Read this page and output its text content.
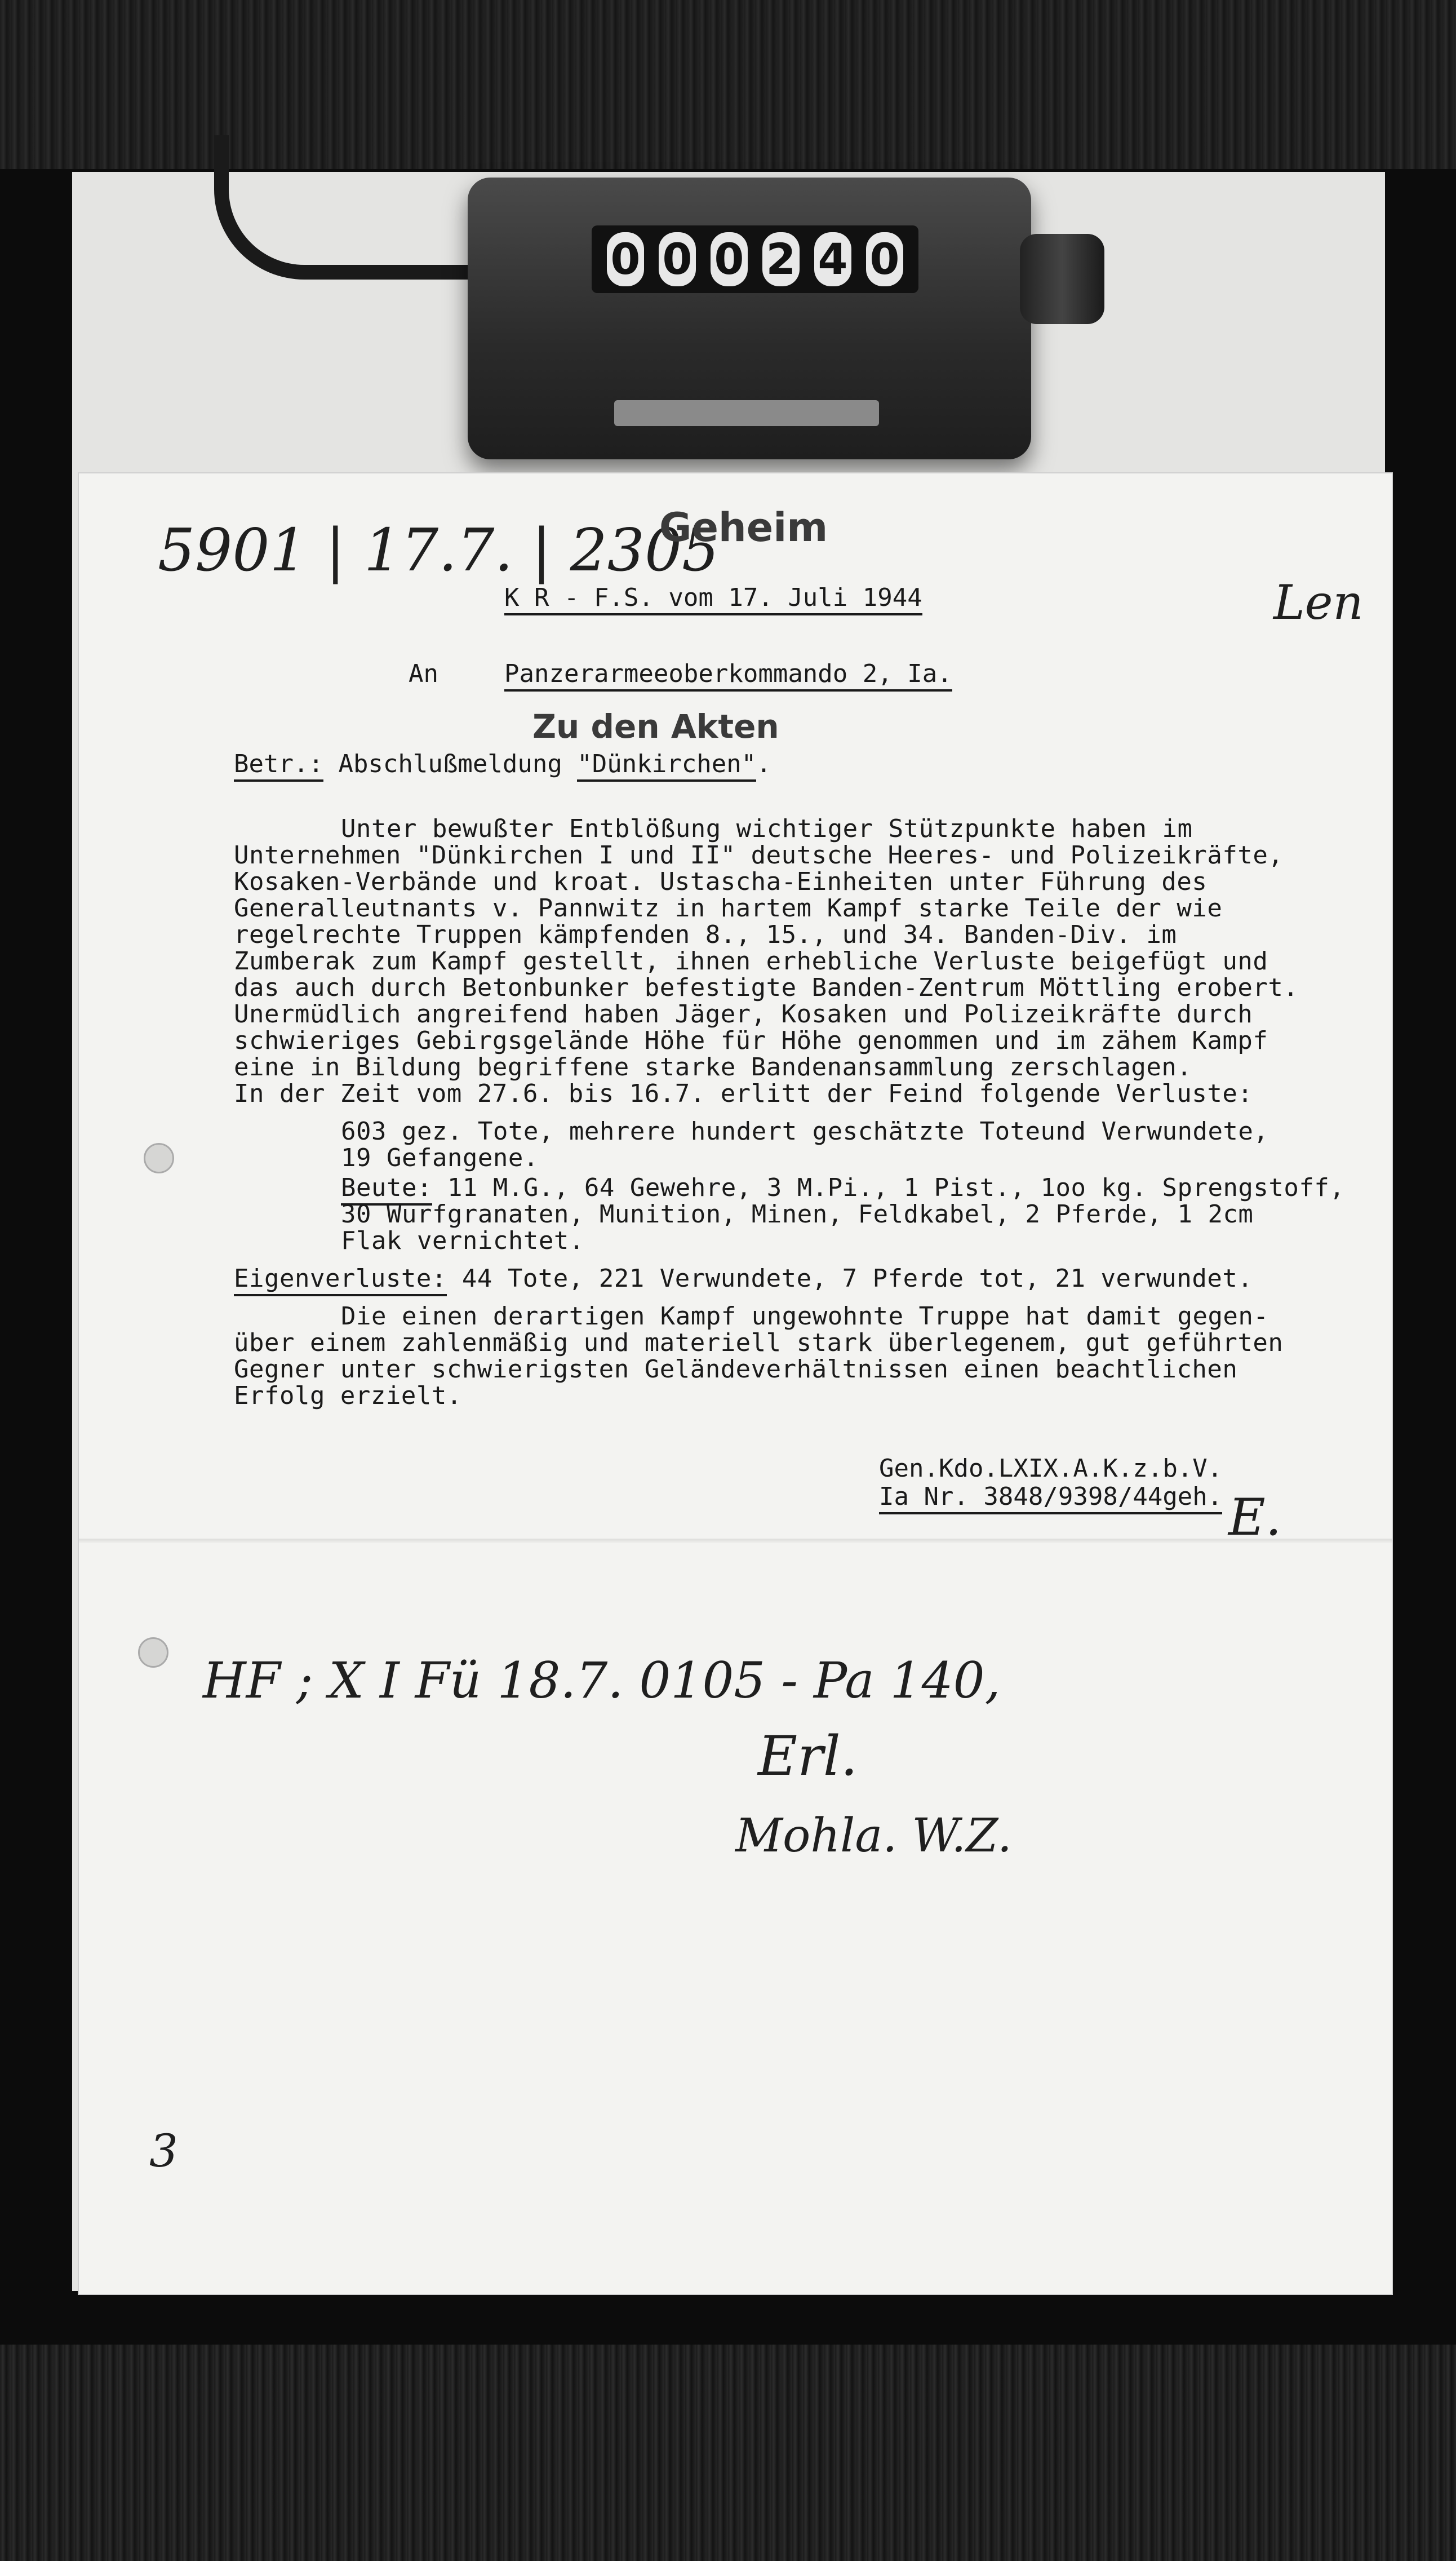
0 0 0 2 4 0
5901 | 17.7. | 2305
Geheim
K R - F.S. vom 17. Juli 1944	Len
An	Panzerarmeeoberkommando 2, Ia.
Zu den Akten
Betr.: Abschlußmeldung "Dünkirchen".
Unter bewußter Entblößung wichtiger Stützpunkte haben im
Unternehmen "Dünkirchen I und II" deutsche Heeres- und Polizeikräfte,
Kosaken-Verbände und kroat. Ustascha-Einheiten unter Führung des
Generalleutnants v. Pannwitz in hartem Kampf starke Teile der wie
regelrechte Truppen kämpfenden 8., 15., und 34. Banden-Div. im
Zumberak zum Kampf gestellt, ihnen erhebliche Verluste beigefügt und
das auch durch Betonbunker befestigte Banden-Zentrum Möttling erobert.
Unermüdlich angreifend haben Jäger, Kosaken und Polizeikräfte durch
schwieriges Gebirgsgelände Höhe für Höhe genommen und im zähem Kampf
eine in Bildung begriffene starke Bandenansammlung zerschlagen.
In der Zeit vom 27.6. bis 16.7. erlitt der Feind folgende Verluste:
603 gez. Tote, mehrere hundert geschätzte Toteund Verwundete,
19 Gefangene.
Beute: 11 M.G., 64 Gewehre, 3 M.Pi., 1 Pist., 1oo kg. Sprengstoff,
30 Wurfgranaten, Munition, Minen, Feldkabel, 2 Pferde, 1 2cm
Flak vernichtet.
Eigenverluste: 44 Tote, 221 Verwundete, 7 Pferde tot, 21 verwundet.
Die einen derartigen Kampf ungewohnte Truppe hat damit gegen-
über einem zahlenmäßig und materiell stark überlegenem, gut geführten
Gegner unter schwierigsten Geländeverhältnissen einen beachtlichen
Erfolg erzielt.
Gen.Kdo.LXIX.A.K.z.b.V.
Ia Nr. 3848/9398/44geh. E.
HF ; X I Fü 18.7. 0105 - Pa 140,
Erl.
Mohla. W.Z.
3
